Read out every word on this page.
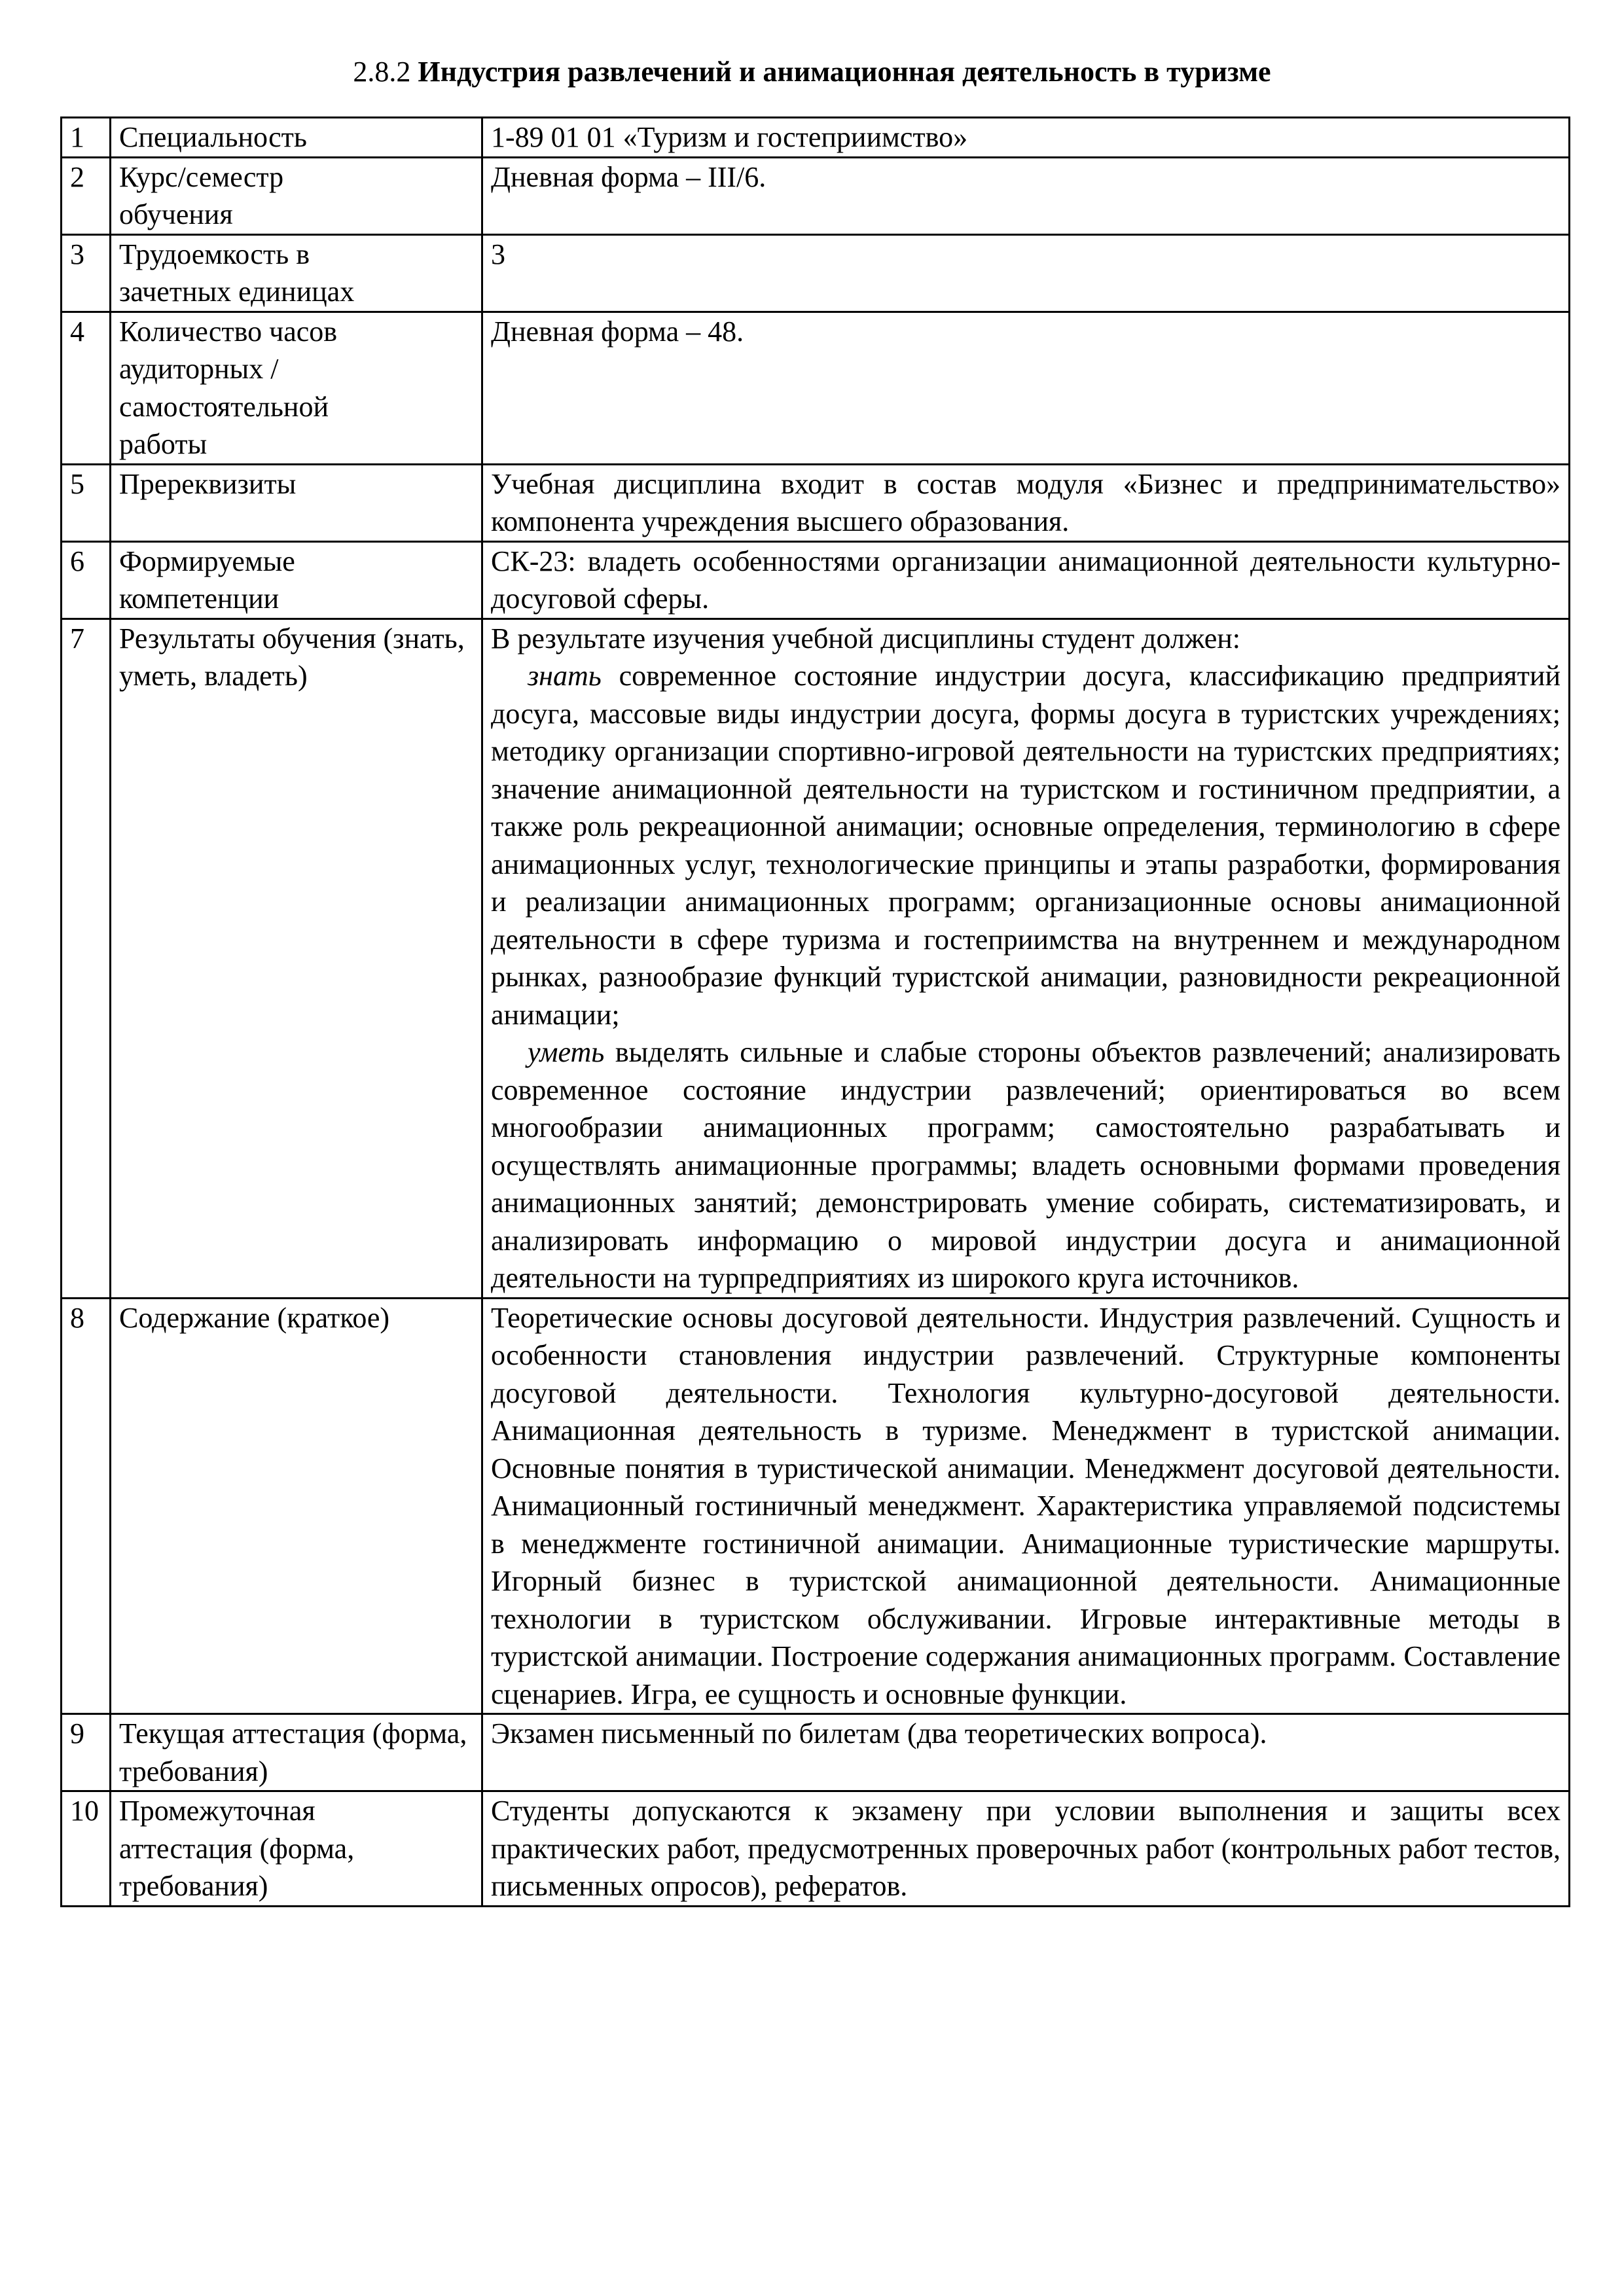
2.8.2 Индустрия развлечений и анимационная деятельность в туризме
1	Специальность	1-89 01 01 «Туризм и гостеприимство»
2	Курс/семестр обучения	Дневная форма – III/6.
3	Трудоемкость в зачетных единицах	3
4	Количество часов аудиторных / самостоятельной работы	Дневная форма – 48.
5	Пререквизиты	Учебная дисциплина входит в состав модуля «Бизнес и предпринимательство» компонента учреждения высшего образования.
6	Формируемые компетенции	СК-23: владеть особенностями организации анимационной деятельности культурно-досуговой сферы.
7	Результаты обучения (знать, уметь, владеть)	В результате изучения учебной дисциплины студент должен:
знать современное состояние индустрии досуга, классификацию предприятий досуга, массовые виды индустрии досуга, формы досуга в туристских учреждениях; методику организации спортивно-игровой деятельности на туристских предприятиях; значение анимационной деятельности на туристском и гостиничном предприятии, а также роль рекреационной анимации; основные определения, терминологию в сфере анимационных услуг, технологические принципы и этапы разработки, формирования и реализации анимационных программ; организационные основы анимационной деятельности в сфере туризма и гостеприимства на внутреннем и международном рынках, разнообразие функций туристской анимации, разновидности рекреационной анимации;
уметь выделять сильные и слабые стороны объектов развлечений; анализировать современное состояние индустрии развлечений; ориентироваться во всем многообразии анимационных программ; самостоятельно разрабатывать и осуществлять анимационные программы; владеть основными формами проведения анимационных занятий; демонстрировать умение собирать, систематизировать, и анализировать информацию о мировой индустрии досуга и анимационной деятельности на турпредприятиях из широкого круга источников.

8	Содержание (краткое)	Теоретические основы досуговой деятельности. Индустрия развлечений. Сущность и особенности становления индустрии развлечений. Структурные компоненты досуговой деятельности. Технология культурно-досуговой деятельности. Анимационная деятельность в туризме. Менеджмент в туристской анимации. Основные понятия в туристической анимации. Менеджмент досуговой деятельности. Анимационный гостиничный менеджмент. Характеристика управляемой подсистемы в менеджменте гостиничной анимации. Анимационные туристические маршруты. Игорный бизнес в туристской анимационной деятельности. Анимационные технологии в туристском обслуживании. Игровые интерактивные методы в туристской анимации. Построение содержания анимационных программ. Составление сценариев. Игра, ее сущность и основные функции.
9	Текущая аттестация (форма, требования)	Экзамен письменный по билетам (два теоретических вопроса).
10	Промежуточная аттестация (форма, требования)	Студенты допускаются к экзамену при условии выполнения и защиты всех практических работ, предусмотренных проверочных работ (контрольных работ тестов, письменных опросов), рефератов.
